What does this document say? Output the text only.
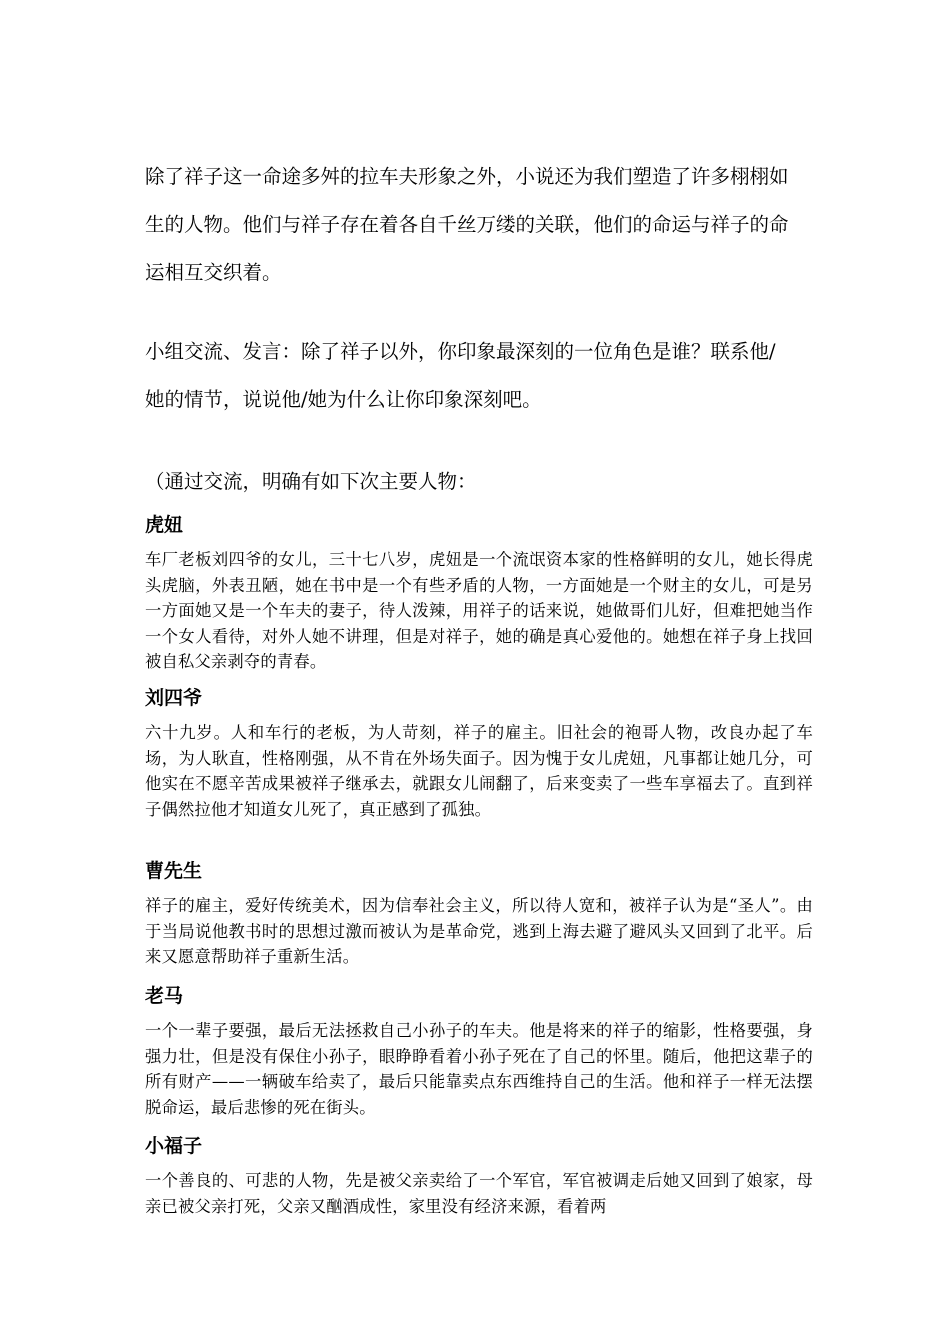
除了祥子这一命途多舛的拉车夫形象之外，小说还为我们塑造了许多栩栩如生的人物。他们与祥子存在着各自千丝万缕的关联，他们的命运与祥子的命运相互交织着。

小组交流、发言：除了祥子以外，你印象最深刻的一位角色是谁？联系他/她的情节，说说他/她为什么让你印象深刻吧。

（通过交流，明确有如下次主要人物：

虎妞

车厂老板刘四爷的女儿，三十七八岁，虎妞是一个流氓资本家的性格鲜明的女儿，她长得虎头虎脑，外表丑陋，她在书中是一个有些矛盾的人物，一方面她是一个财主的女儿，可是另一方面她又是一个车夫的妻子，待人泼辣，用祥子的话来说，她做哥们儿好，但难把她当作一个女人看待，对外人她不讲理，但是对祥子，她的确是真心爱他的。她想在祥子身上找回被自私父亲剥夺的青春。

刘四爷

六十九岁。人和车行的老板，为人苛刻，祥子的雇主。旧社会的袍哥人物，改良办起了车场，为人耿直，性格刚强，从不肯在外场失面子。因为愧于女儿虎妞，凡事都让她几分，可他实在不愿辛苦成果被祥子继承去，就跟女儿闹翻了，后来变卖了一些车享福去了。直到祥子偶然拉他才知道女儿死了，真正感到了孤独。

曹先生

祥子的雇主，爱好传统美术，因为信奉社会主义，所以待人宽和，被祥子认为是“圣人”。由于当局说他教书时的思想过激而被认为是革命党，逃到上海去避了避风头又回到了北平。后来又愿意帮助祥子重新生活。

老马

一个一辈子要强，最后无法拯救自己小孙子的车夫。他是将来的祥子的缩影，性格要强，身强力壮，但是没有保住小孙子，眼睁睁看着小孙子死在了自己的怀里。随后，他把这辈子的所有财产——一辆破车给卖了，最后只能靠卖点东西维持自己的生活。他和祥子一样无法摆脱命运，最后悲惨的死在街头。

小福子

一个善良的、可悲的人物，先是被父亲卖给了一个军官，军官被调走后她又回到了娘家，母亲已被父亲打死，父亲又酗酒成性，家里没有经济来源，看着两
